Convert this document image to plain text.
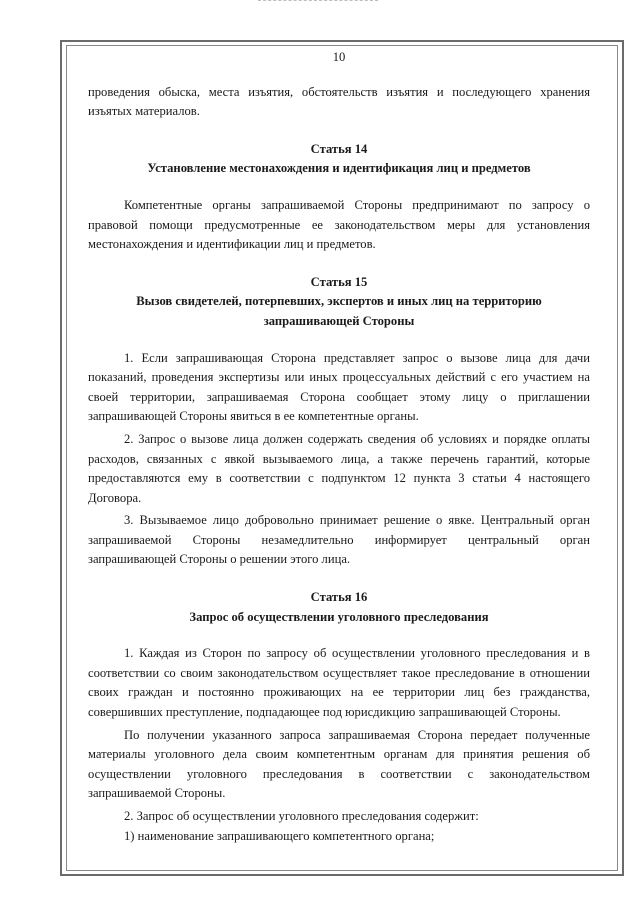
10

проведения обыска, места изъятия, обстоятельств изъятия и последующего хранения изъятых материалов.

Статья 14
Установление местонахождения и идентификация лиц и предметов

Компетентные органы запрашиваемой Стороны предпринимают по запросу о правовой помощи предусмотренные ее законодательством меры для установления местонахождения и идентификации лиц и предметов.

Статья 15
Вызов свидетелей, потерпевших, экспертов и иных лиц на территорию запрашивающей Стороны

1. Если запрашивающая Сторона представляет запрос о вызове лица для дачи показаний, проведения экспертизы или иных процессуальных действий с его участием на своей территории, запрашиваемая Сторона сообщает этому лицу о приглашении запрашивающей Стороны явиться в ее компетентные органы.

2. Запрос о вызове лица должен содержать сведения об условиях и порядке оплаты расходов, связанных с явкой вызываемого лица, а также перечень гарантий, которые предоставляются ему в соответствии с подпунктом 12 пункта 3 статьи 4 настоящего Договора.

3. Вызываемое лицо добровольно принимает решение о явке. Центральный орган запрашиваемой Стороны незамедлительно информирует центральный орган запрашивающей Стороны о решении этого лица.

Статья 16
Запрос об осуществлении уголовного преследования

1. Каждая из Сторон по запросу об осуществлении уголовного преследования и в соответствии со своим законодательством осуществляет такое преследование в отношении своих граждан и постоянно проживающих на ее территории лиц без гражданства, совершивших преступление, подпадающее под юрисдикцию запрашивающей Стороны.

По получении указанного запроса запрашиваемая Сторона передает полученные материалы уголовного дела своим компетентным органам для принятия решения об осуществлении уголовного преследования в соответствии с законодательством запрашиваемой Стороны.

2. Запрос об осуществлении уголовного преследования содержит:

1) наименование запрашивающего компетентного органа;
